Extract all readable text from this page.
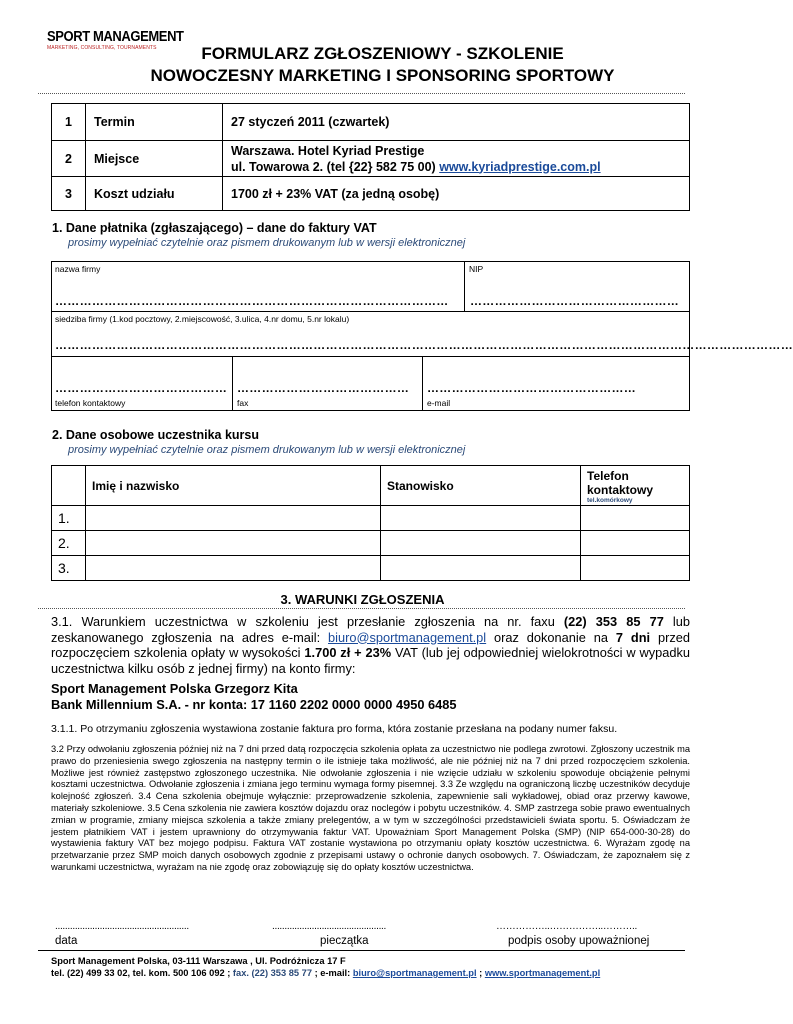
SPORT MANAGEMENT
MARKETING, CONSULTING, TOURNAMENTS	FORMULARZ ZGŁOSZENIOWY - SZKOLENIE
NOWOCZESNY MARKETING I SPONSORING SPORTOWY
1	Termin	27 styczeń 2011 (czwartek)
2	Miejsce	Warszawa. Hotel Kyriad Prestige
ul. Towarowa 2. (tel {22} 582 75 00) www.kyriadprestige.com.pl

3	Koszt udziału	1700 zł + 23% VAT (za jedną osobę)
1. Dane płatnika (zgłaszającego) – dane do faktury VAT
prosimy wypełniać czytelnie oraz pismem drukowanym lub w wersji elektronicznej
nazwa firmy
……………………………………………………………………………………
NIP
……………………………………………
siedziba firmy (1.kod pocztowy, 2.miejscowość, 3.ulica, 4.nr domu, 5.nr lokalu)
………………………………………………………………………………………………………………………………………………………………
……………………………………
telefon kontaktowy
……………………………………
fax
……………………………………………
e-mail
2. Dane osobowe uczestnika kursu
prosimy wypełniać czytelnie oraz pismem drukowanym lub w wersji elektronicznej
	Imię i nazwisko	Stanowisko	Telefon
kontaktowy
tel.komórkowy

1.			
2.			
3.			
3. WARUNKI ZGŁOSZENIA
3.1. Warunkiem uczestnictwa w szkoleniu jest przesłanie zgłoszenia na nr. faxu (22) 353 85 77 lub zeskanowanego zgłoszenia na adres e-mail: biuro@sportmanagement.pl oraz dokonanie na 7 dni przed rozpoczęciem szkolenia opłaty w wysokości 1.700 zł + 23% VAT (lub jej odpowiedniej wielokrotności w wypadku uczestnictwa kilku osób z jednej firmy) na konto firmy:
Sport Management Polska Grzegorz Kita
Bank Millennium S.A. - nr konta: 17 1160 2202 0000 0000 4950 6485
3.1.1. Po otrzymaniu zgłoszenia wystawiona zostanie faktura pro forma, która zostanie przesłana na podany numer faksu.
3.2 Przy odwołaniu zgłoszenia później niż na 7 dni przed datą rozpoczęcia szkolenia opłata za uczestnictwo nie podlega zwrotowi. Zgłoszony uczestnik ma prawo do przeniesienia swego zgłoszenia na następny termin o ile istnieje taka możliwość, ale nie później niż na 7 dni przed rozpoczęciem szkolenia. Możliwe jest również zastępstwo zgłoszonego uczestnika. Nie odwołanie zgłoszenia i nie wzięcie udziału w szkoleniu spowoduje obciążenie pełnymi kosztami uczestnictwa. Odwołanie zgłoszenia i zmiana jego terminu wymaga formy pisemnej. 3.3 Ze względu na ograniczoną liczbę uczestników decyduje kolejność zgłoszeń. 3.4 Cena szkolenia obejmuje wyłącznie: przeprowadzenie szkolenia, zapewnienie sali wykładowej, obiad oraz przerwy kawowe, materiały szkoleniowe. 3.5 Cena szkolenia nie zawiera kosztów dojazdu oraz noclegów i pobytu uczestników. 4. SMP zastrzega sobie prawo ewentualnych zmian w programie, zmiany miejsca szkolenia a także zmiany prelegentów, a w tym w szczególności przedstawicieli świata sportu. 5. Oświadczam że jestem płatnikiem VAT i jestem uprawniony do otrzymywania faktur VAT. Upoważniam Sport Management Polska (SMP) (NIP 654-000-30-28) do wystawienia faktury VAT bez mojego podpisu. Faktura VAT zostanie wystawiona po otrzymaniu opłaty kosztów uczestnictwa. 6. Wyrażam zgodę na przetwarzanie przez SMP moich danych osobowych zgodnie z przepisami ustawy o ochronie danych osobowych. 7. Oświadczam, że zapoznałem się z warunkami uczestnictwa, wyrażam na nie zgodę oraz zobowiązuję się do opłaty kosztów uczestnictwa.
......................................................	..............................................	……………..……………..………..
data	pieczątka	podpis osoby upoważnionej
Sport Management Polska, 03-111 Warszawa , Ul. Podróżnicza 17 F
tel. (22) 499 33 02, tel. kom. 500 106 092 ; fax. (22) 353 85 77 ; e-mail: biuro@sportmanagement.pl ; www.sportmanagement.pl
